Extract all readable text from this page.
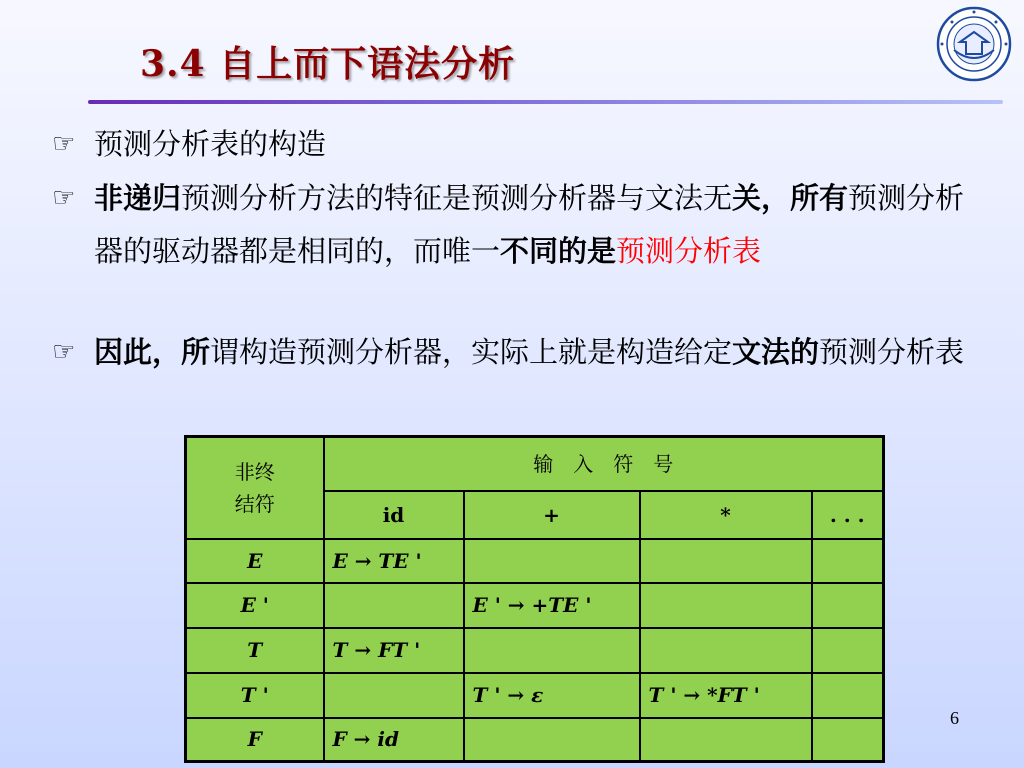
3.4 自上而下语法分析
☞ 预测分析表的构造
☞ 非递归预测分析方法的特征是预测分析器与文法无关，所有预测分析器的驱动器都是相同的，而唯一不同的是预测分析表
☞ 因此，所谓构造预测分析器，实际上就是构造给定文法的预测分析表
非终
结符	输　入　符　号			
	id	+	*	. . .
E	E → TE '			
E '		E ' → +TE '		
T	T → FT '			
T '		T ' → ε	T ' → *FT '	
F	F → id			
6
